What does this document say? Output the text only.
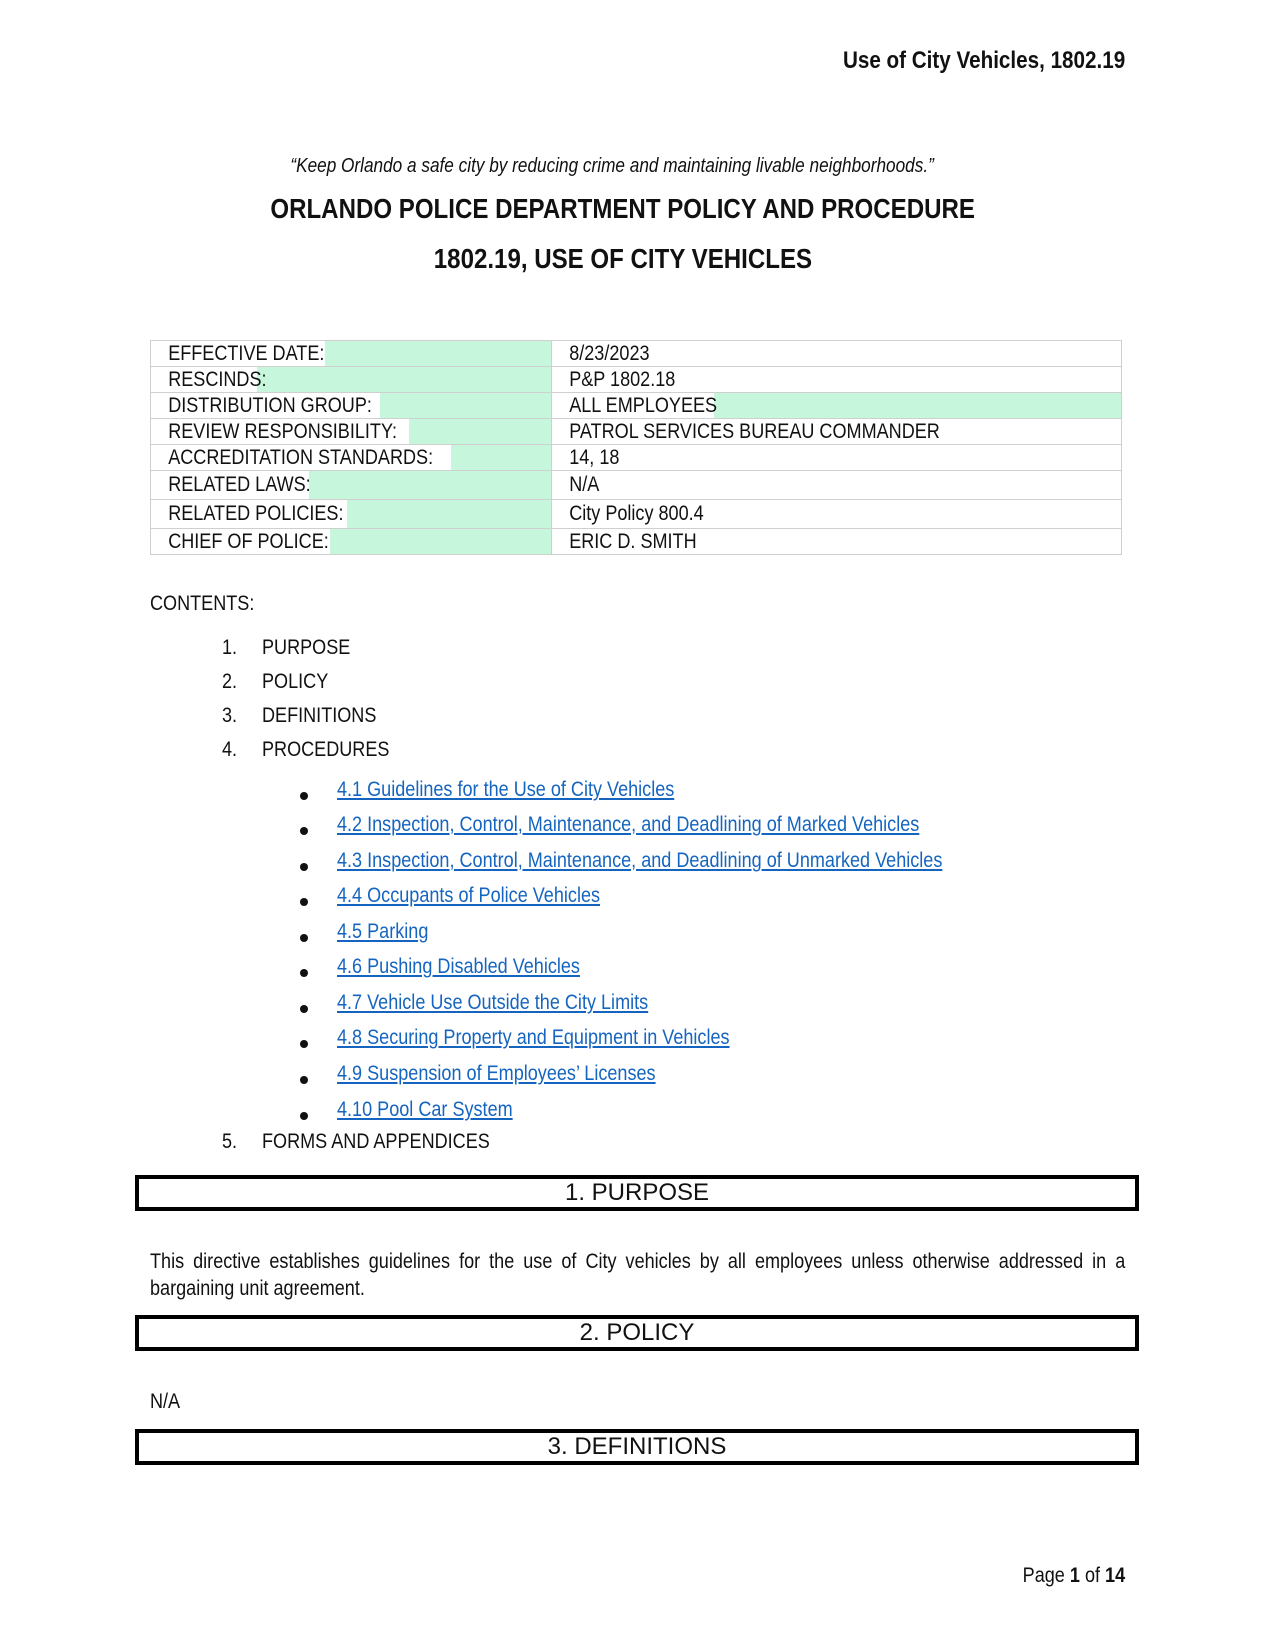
Use of City Vehicles, 1802.19
“Keep Orlando a safe city by reducing crime and maintaining livable neighborhoods.”
ORLANDO POLICE DEPARTMENT POLICY AND PROCEDURE
1802.19, USE OF CITY VEHICLES
EFFECTIVE DATE:	8/23/2023

RESCINDS:	P&P 1802.18

DISTRIBUTION GROUP:	ALL EMPLOYEES

REVIEW RESPONSIBILITY:	PATROL SERVICES BUREAU COMMANDER

ACCREDITATION STANDARDS:	14, 18

RELATED LAWS:	N/A

RELATED POLICIES:	City Policy 800.4

CHIEF OF POLICE:	ERIC D. SMITH
CONTENTS:
1. PURPOSE
2. POLICY
3. DEFINITIONS
4. PROCEDURES
4.1 Guidelines for the Use of City Vehicles
4.2 Inspection, Control, Maintenance, and Deadlining of Marked Vehicles
4.3 Inspection, Control, Maintenance, and Deadlining of Unmarked Vehicles
4.4 Occupants of Police Vehicles
4.5 Parking
4.6 Pushing Disabled Vehicles
4.7 Vehicle Use Outside the City Limits
4.8 Securing Property and Equipment in Vehicles
4.9 Suspension of Employees’ Licenses
4.10 Pool Car System
5. FORMS AND APPENDICES
1. PURPOSE
This directive establishes guidelines for the use of City vehicles by all employees unless otherwise addressed in a bargaining unit agreement.
2. POLICY
N/A
3. DEFINITIONS
Page 1 of 14
